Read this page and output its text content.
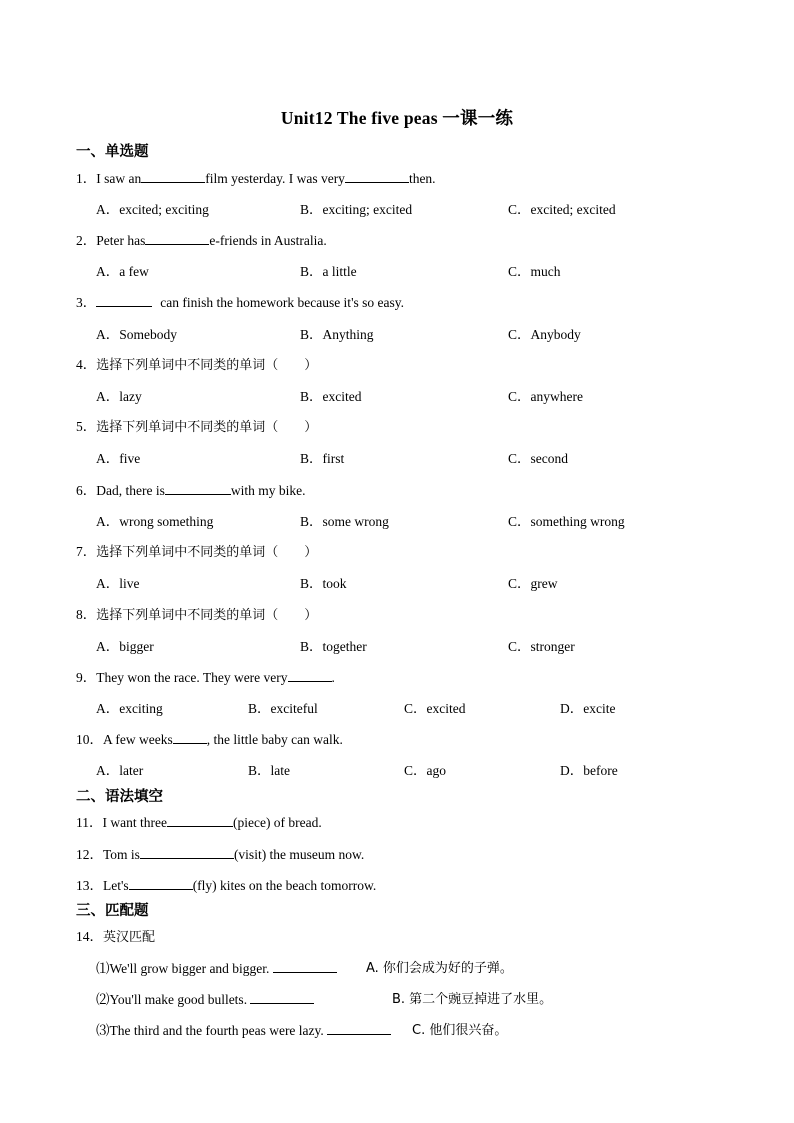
Unit12 The five peas 一课一练
一、单选题
1．I saw an	film yesterday. I was very	then.
A．excited; exciting	B．exciting; excited	C．excited; excited
2．Peter has	e-friends in Australia.
A．a few	B．a little	C．much
3．	can finish the homework because it's so easy.
A．Somebody	B．Anything	C．Anybody
4．选择下列单词中不同类的单词（　　）
A．lazy	B．excited	C．anywhere
5．选择下列单词中不同类的单词（　　）
A．five	B．first	C．second
6．Dad, there is	with my bike.
A．wrong something	B．some wrong	C．something wrong
7．选择下列单词中不同类的单词（　　）
A．live	B．took	C．grew
8．选择下列单词中不同类的单词（　　）
A．bigger	B．together	C．stronger
9．They won the race. They were very	.
A．exciting	B．exciteful	C．excited	D．excite
10．A few weeks	, the little baby can walk.
A．later	B．late	C．ago	D．before
二、语法填空
11．I want three	(piece) of bread.
12．Tom is	(visit) the museum now.
13．Let's	(fly) kites on the beach tomorrow.
三、匹配题
14．英汉匹配
⑴We'll grow bigger and bigger.	A. 你们会成为好的子弹。
⑵You'll make good bullets.	B. 第二个豌豆掉进了水里。
⑶The third and the fourth peas were lazy.	C. 他们很兴奋。
